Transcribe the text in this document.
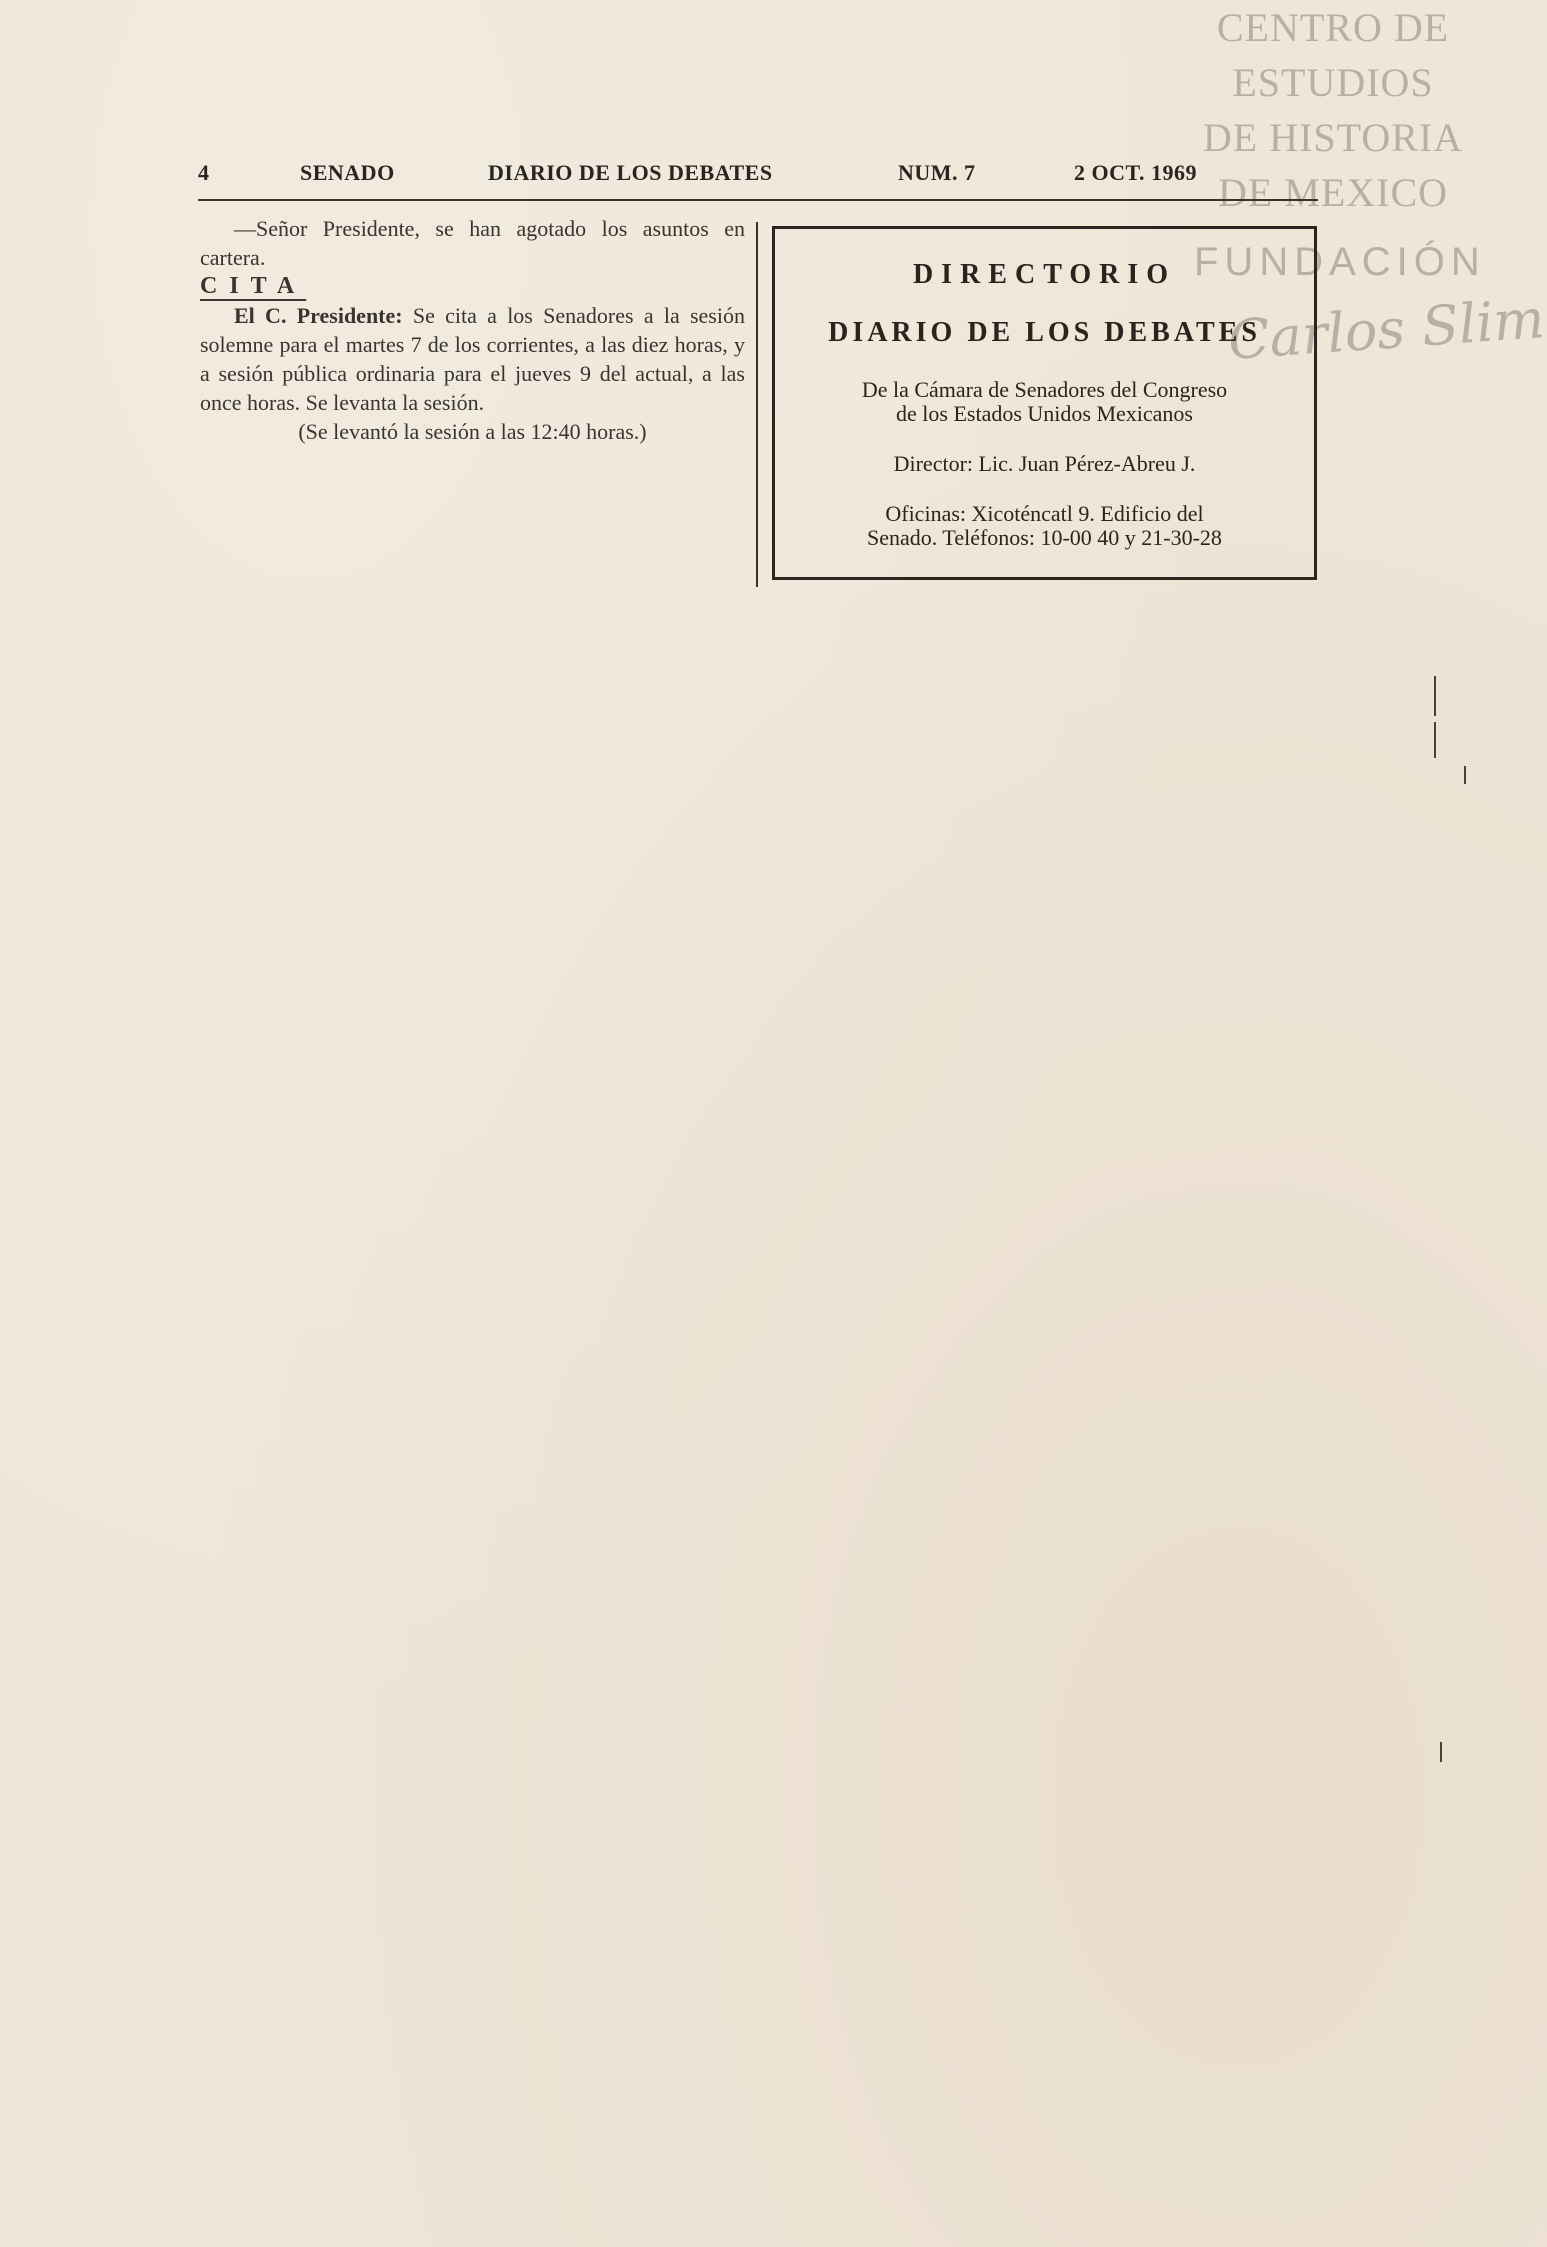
CENTRO DE
ESTUDIOS
DE HISTORIA
DE MEXICO
FUNDACIÓN
Carlos Slim
4	SENADO	DIARIO DE LOS DEBATES	NUM. 7	2 OCT. 1969

—Señor Presidente, se han agotado los asuntos en cartera.

CITA

El C. Presidente: Se cita a los Senadores a la sesión solemne para el martes 7 de los corrientes, a las diez horas, y a sesión pública ordinaria para el jueves 9 del actual, a las once horas. Se levanta la sesión.

(Se levantó la sesión a las 12:40 horas.)

DIRECTORIO
DIARIO DE LOS DEBATES
De la Cámara de Senadores del Congreso
de los Estados Unidos Mexicanos
Director: Lic. Juan Pérez-Abreu J.
Oficinas: Xicoténcatl 9. Edificio del
Senado. Teléfonos: 10-00 40 y 21-30-28
